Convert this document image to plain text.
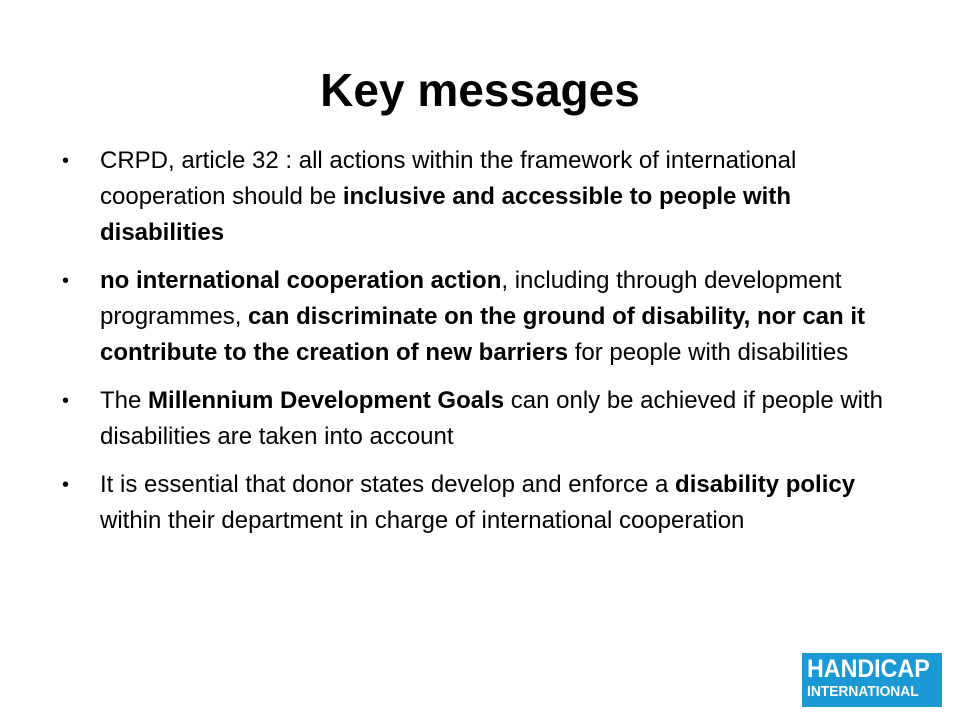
Key messages
•	CRPD, article 32 : all actions within the framework of international cooperation should be inclusive and accessible to people with disabilities
•	no international cooperation action, including through development programmes, can discriminate on the ground of disability, nor can it contribute to the creation of new barriers for people with disabilities
•	The Millennium Development Goals can only be achieved if people with disabilities are taken into account
•	It is essential that donor states develop and enforce a disability policy within their department in charge of international cooperation
HANDICAP
INTERNATIONAL
